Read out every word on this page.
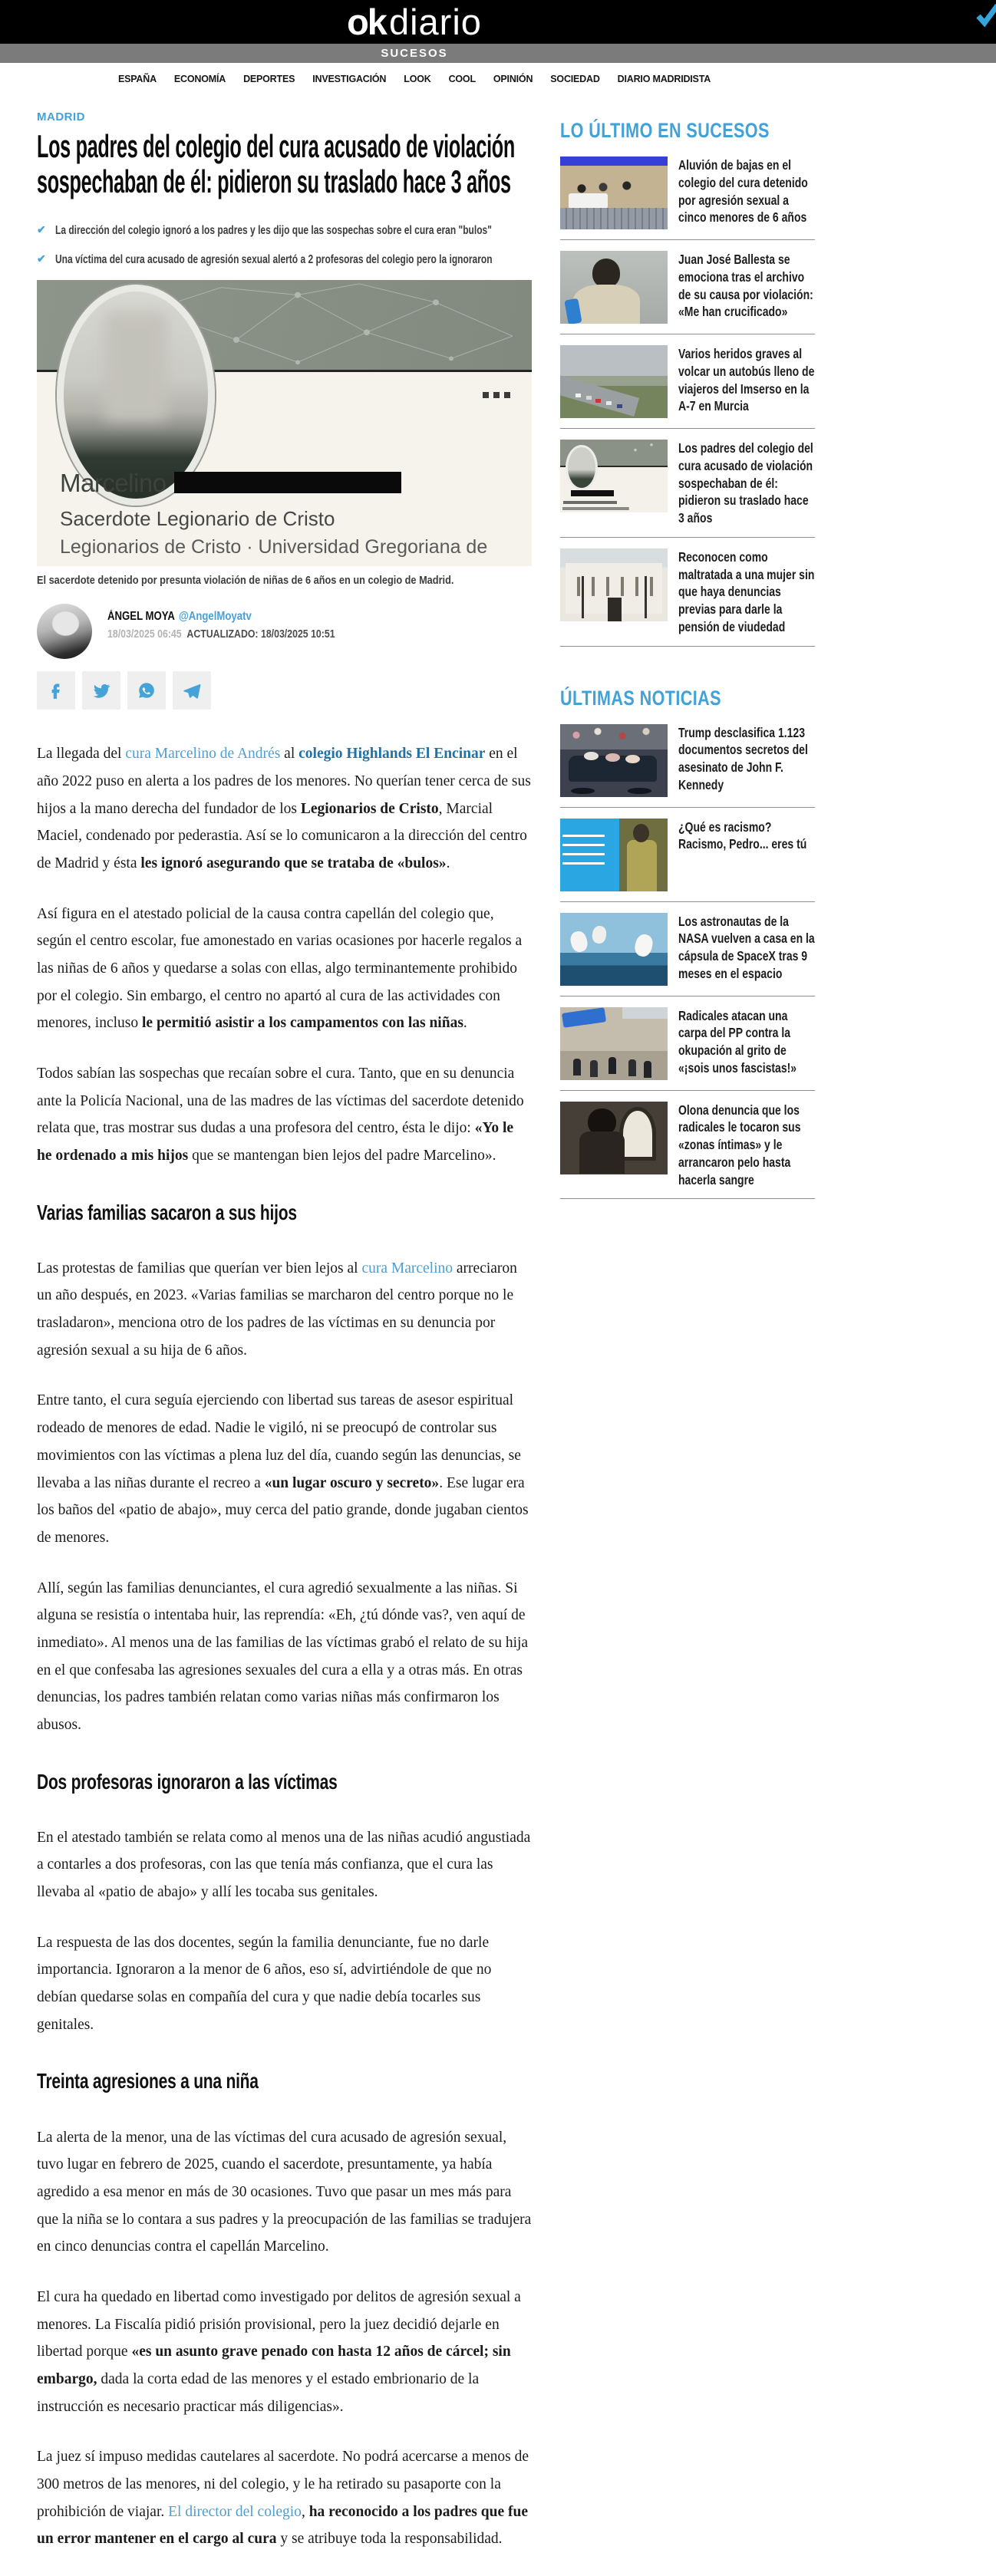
ok diario
SUCESOS
ESPAÑA ECONOMÍA DEPORTES INVESTIGACIÓN LOOK COOL OPINIÓN SOCIEDAD DIARIO MADRIDISTA
MADRID
Los padres del colegio del cura acusado de violación sospechaban de él: pidieron su traslado hace 3 años
✔ La dirección del colegio ignoró a los padres y les dijo que las sospechas sobre el cura eran "bulos"
✔ Una víctima del cura acusado de agresión sexual alertó a 2 profesoras del colegio pero la ignoraron
Marcelino
Sacerdote Legionario de Cristo
Legionarios de Cristo · Universidad Gregoriana de
El sacerdote detenido por presunta violación de niñas de 6 años en un colegio de Madrid.
ÁNGEL MOYA @AngelMoyatv
18/03/2025 06:45 ACTUALIZADO: 18/03/2025 10:51

La llegada del cura Marcelino de Andrés al colegio Highlands El Encinar en el año 2022 puso en alerta a los padres de los menores. No querían tener cerca de sus hijos a la mano derecha del fundador de los Legionarios de Cristo, Marcial Maciel, condenado por pederastia. Así se lo comunicaron a la dirección del centro de Madrid y ésta les ignoró asegurando que se trataba de «bulos».

Así figura en el atestado policial de la causa contra capellán del colegio que, según el centro escolar, fue amonestado en varias ocasiones por hacerle regalos a las niñas de 6 años y quedarse a solas con ellas, algo terminantemente prohibido por el colegio. Sin embargo, el centro no apartó al cura de las actividades con menores, incluso le permitió asistir a los campamentos con las niñas.

Todos sabían las sospechas que recaían sobre el cura. Tanto, que en su denuncia ante la Policía Nacional, una de las madres de las víctimas del sacerdote detenido relata que, tras mostrar sus dudas a una profesora del centro, ésta le dijo: «Yo le he ordenado a mis hijos que se mantengan bien lejos del padre Marcelino».

Varias familias sacaron a sus hijos

Las protestas de familias que querían ver bien lejos al cura Marcelino arreciaron un año después, en 2023. «Varias familias se marcharon del centro porque no le trasladaron», menciona otro de los padres de las víctimas en su denuncia por agresión sexual a su hija de 6 años.

Entre tanto, el cura seguía ejerciendo con libertad sus tareas de asesor espiritual rodeado de menores de edad. Nadie le vigiló, ni se preocupó de controlar sus movimientos con las víctimas a plena luz del día, cuando según las denuncias, se llevaba a las niñas durante el recreo a «un lugar oscuro y secreto». Ese lugar era los baños del «patio de abajo», muy cerca del patio grande, donde jugaban cientos de menores.

Allí, según las familias denunciantes, el cura agredió sexualmente a las niñas. Si alguna se resistía o intentaba huir, las reprendía: «Eh, ¿tú dónde vas?, ven aquí de inmediato». Al menos una de las familias de las víctimas grabó el relato de su hija en el que confesaba las agresiones sexuales del cura a ella y a otras más. En otras denuncias, los padres también relatan como varias niñas más confirmaron los abusos.

Dos profesoras ignoraron a las víctimas

En el atestado también se relata como al menos una de las niñas acudió angustiada a contarles a dos profesoras, con las que tenía más confianza, que el cura las llevaba al «patio de abajo» y allí les tocaba sus genitales.

La respuesta de las dos docentes, según la familia denunciante, fue no darle importancia. Ignoraron a la menor de 6 años, eso sí, advirtiéndole de que no debían quedarse solas en compañía del cura y que nadie debía tocarles sus genitales.

Treinta agresiones a una niña

La alerta de la menor, una de las víctimas del cura acusado de agresión sexual, tuvo lugar en febrero de 2025, cuando el sacerdote, presuntamente, ya había agredido a esa menor en más de 30 ocasiones. Tuvo que pasar un mes más para que la niña se lo contara a sus padres y la preocupación de las familias se tradujera en cinco denuncias contra el capellán Marcelino.

El cura ha quedado en libertad como investigado por delitos de agresión sexual a menores. La Fiscalía pidió prisión provisional, pero la juez decidió dejarle en libertad porque «es un asunto grave penado con hasta 12 años de cárcel; sin embargo, dada la corta edad de las menores y el estado embrionario de la instrucción es necesario practicar más diligencias».

La juez sí impuso medidas cautelares al sacerdote. No podrá acercarse a menos de 300 metros de las menores, ni del colegio, y le ha retirado su pasaporte con la prohibición de viajar. El director del colegio, ha reconocido a los padres que fue un error mantener en el cargo al cura y se atribuye toda la responsabilidad.

LO ÚLTIMO EN SUCESOS
Aluvión de bajas en el colegio del cura detenido por agresión sexual a cinco menores de 6 años
Juan José Ballesta se emociona tras el archivo de su causa por violación: «Me han crucificado»
Varios heridos graves al volcar un autobús lleno de viajeros del Imserso en la A-7 en Murcia
Los padres del colegio del cura acusado de violación sospechaban de él: pidieron su traslado hace 3 años
Reconocen como maltratada a una mujer sin que haya denuncias previas para darle la pensión de viudedad
ÚLTIMAS NOTICIAS
Trump desclasifica 1.123 documentos secretos del asesinato de John F. Kennedy
¿Qué es racismo? Racismo, Pedro... eres tú
Los astronautas de la NASA vuelven a casa en la cápsula de SpaceX tras 9 meses en el espacio
Radicales atacan una carpa del PP contra la okupación al grito de «¡sois unos fascistas!»
Olona denuncia que los radicales le tocaron sus «zonas íntimas» y le arrancaron pelo hasta hacerla sangre
